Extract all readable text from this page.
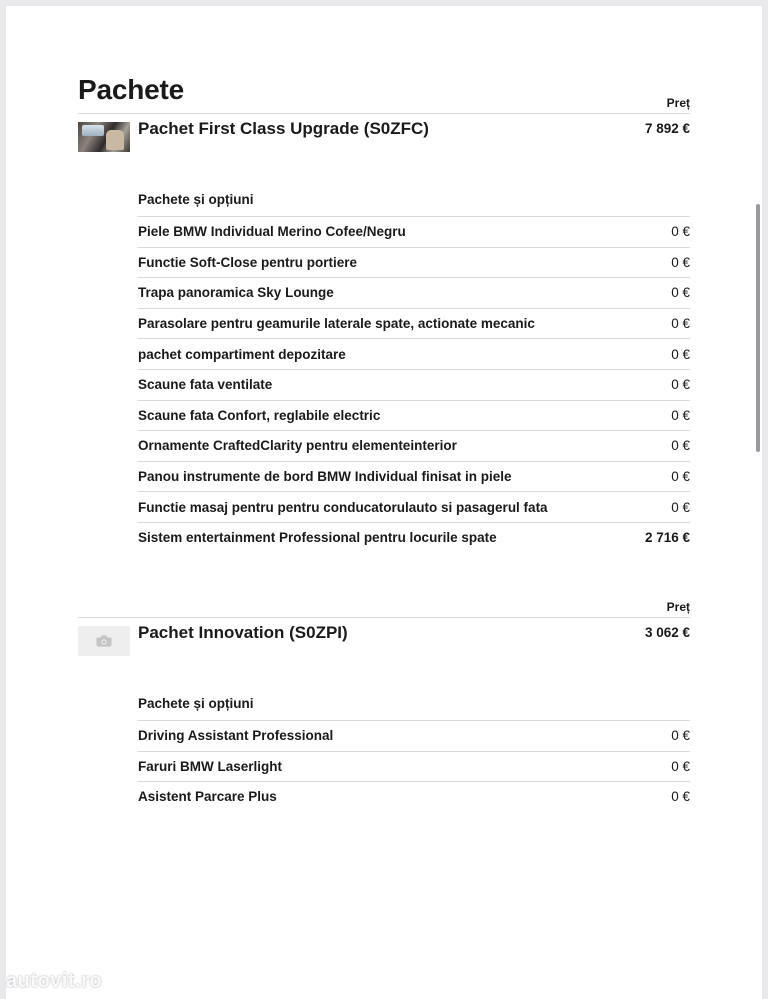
Pachete	Preț
Pachet First Class Upgrade (S0ZFC)	7 892 €
Pachete și opțiuni
Piele BMW Individual Merino Cofee/Negru	0 €
Functie Soft-Close pentru portiere	0 €
Trapa panoramica Sky Lounge	0 €
Parasolare pentru geamurile laterale spate, actionate mecanic	0 €
pachet compartiment depozitare	0 €
Scaune fata ventilate	0 €
Scaune fata Confort, reglabile electric	0 €
Ornamente CraftedClarity pentru elementeinterior	0 €
Panou instrumente de bord BMW Individual finisat in piele	0 €
Functie masaj pentru pentru conducatorulauto si pasagerul fata	0 €
Sistem entertainment Professional pentru locurile spate	2 716 €
Preț
Pachet Innovation (S0ZPI)	3 062 €
Pachete și opțiuni
Driving Assistant Professional	0 €
Faruri BMW Laserlight	0 €
Asistent Parcare Plus	0 €
autovit.ro
